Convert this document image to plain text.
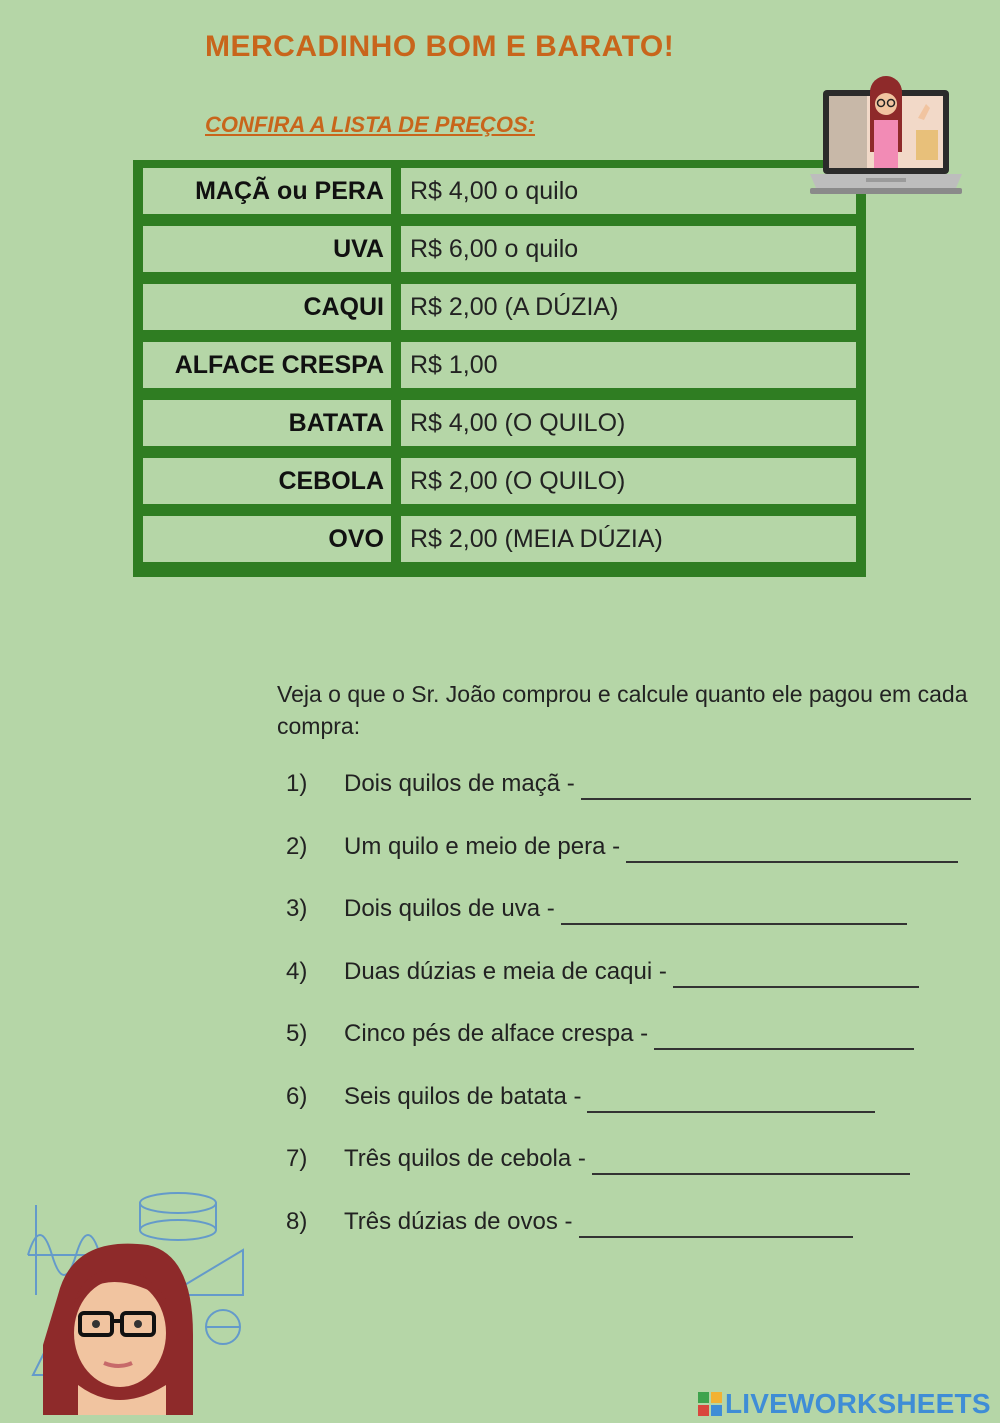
MERCADINHO BOM E BARATO!
CONFIRA A LISTA DE PREÇOS:
MAÇÃ ou PERA	R$ 4,00 o quilo
UVA	R$ 6,00 o quilo
CAQUI	R$ 2,00 (A DÚZIA)
ALFACE CRESPA	R$ 1,00
BATATA	R$ 4,00 (O QUILO)
CEBOLA	R$ 2,00 (O QUILO)
OVO	R$ 2,00 (MEIA DÚZIA)
Veja o que o Sr. João comprou e calcule quanto ele pagou em cada compra:
1)	Dois quilos de maçã -
2)	Um quilo e meio de pera -
3)	Dois quilos de uva -
4)	Duas dúzias e meia de caqui -
5)	Cinco pés de alface crespa -
6)	Seis quilos de batata -
7)	Três quilos de cebola -
8)	Três dúzias de ovos -
LIVEWORKSHEETS
